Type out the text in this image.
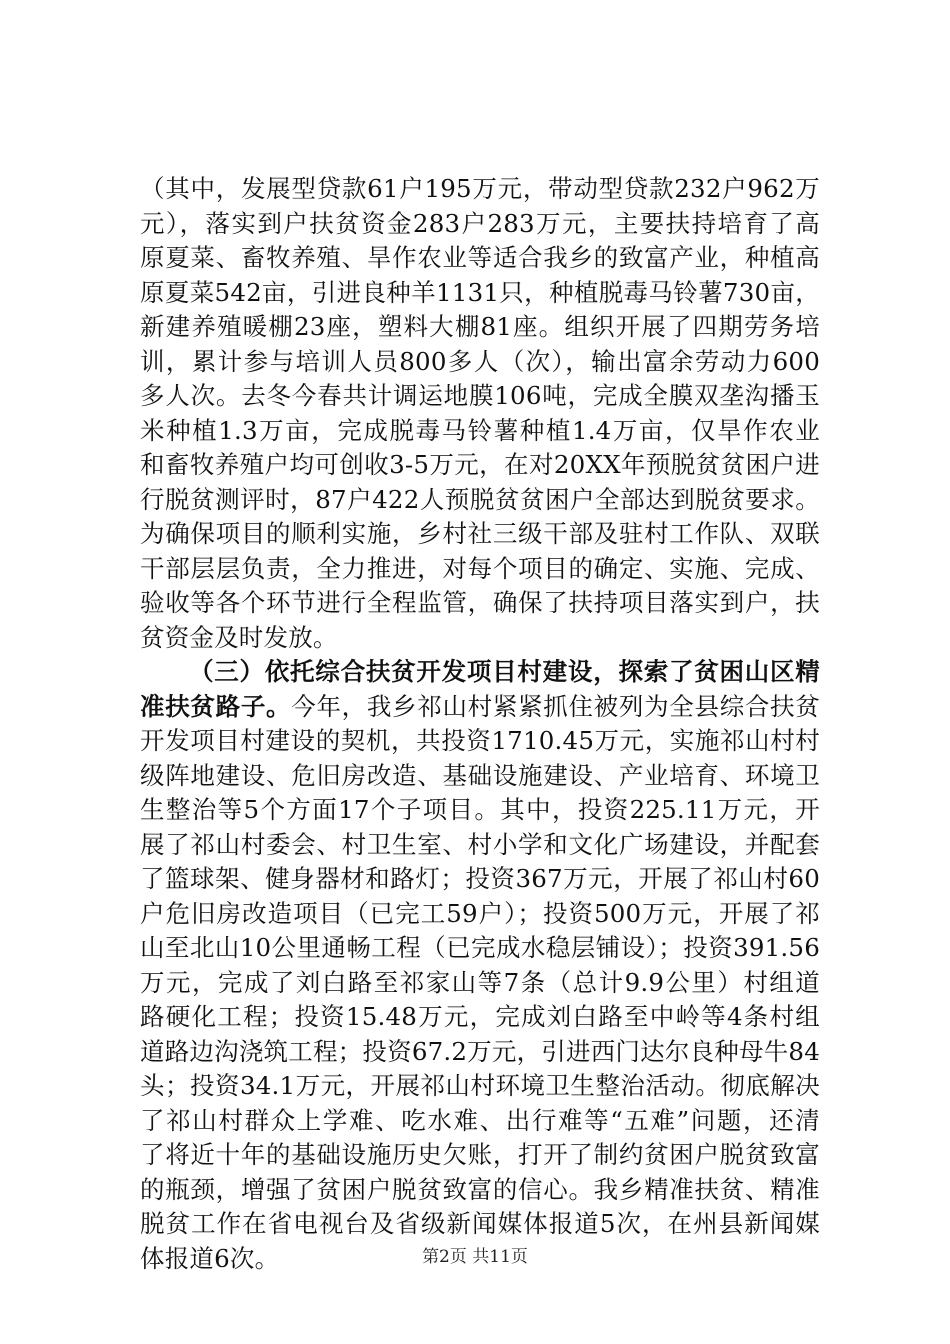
（其中，发展型贷款61户195万元，带动型贷款232户962万
元），落实到户扶贫资金283户283万元，主要扶持培育了高
原夏菜、畜牧养殖、旱作农业等适合我乡的致富产业，种植高
原夏菜542亩，引进良种羊1131只，种植脱毒马铃薯730亩，
新建养殖暖棚23座，塑料大棚81座。组织开展了四期劳务培
训，累计参与培训人员800多人（次），输出富余劳动力600
多人次。去冬今春共计调运地膜106吨，完成全膜双垄沟播玉
米种植1.3万亩，完成脱毒马铃薯种植1.4万亩，仅旱作农业
和畜牧养殖户均可创收3-5万元，在对20XX年预脱贫贫困户进
行脱贫测评时，87户422人预脱贫贫困户全部达到脱贫要求。
为确保项目的顺利实施，乡村社三级干部及驻村工作队、双联
干部层层负责，全力推进，对每个项目的确定、实施、完成、
验收等各个环节进行全程监管，确保了扶持项目落实到户，扶
贫资金及时发放。
（三）依托综合扶贫开发项目村建设，探索了贫困山区精
准扶贫路子。今年，我乡祁山村紧紧抓住被列为全县综合扶贫
开发项目村建设的契机，共投资1710.45万元，实施祁山村村
级阵地建设、危旧房改造、基础设施建设、产业培育、环境卫
生整治等5个方面17个子项目。其中，投资225.11万元，开
展了祁山村委会、村卫生室、村小学和文化广场建设，并配套
了篮球架、健身器材和路灯；投资367万元，开展了祁山村60
户危旧房改造项目（已完工59户）；投资500万元，开展了祁
山至北山10公里通畅工程（已完成水稳层铺设）；投资391.56
万元，完成了刘白路至祁家山等7条（总计9.9公里）村组道
路硬化工程；投资15.48万元，完成刘白路至中岭等4条村组
道路边沟浇筑工程；投资67.2万元，引进西门达尔良种母牛84
头；投资34.1万元，开展祁山村环境卫生整治活动。彻底解决
了祁山村群众上学难、吃水难、出行难等“五难”问题，还清
了将近十年的基础设施历史欠账，打开了制约贫困户脱贫致富
的瓶颈，增强了贫困户脱贫致富的信心。我乡精准扶贫、精准
脱贫工作在省电视台及省级新闻媒体报道5次，在州县新闻媒
体报道6次。	第2页 共11页
